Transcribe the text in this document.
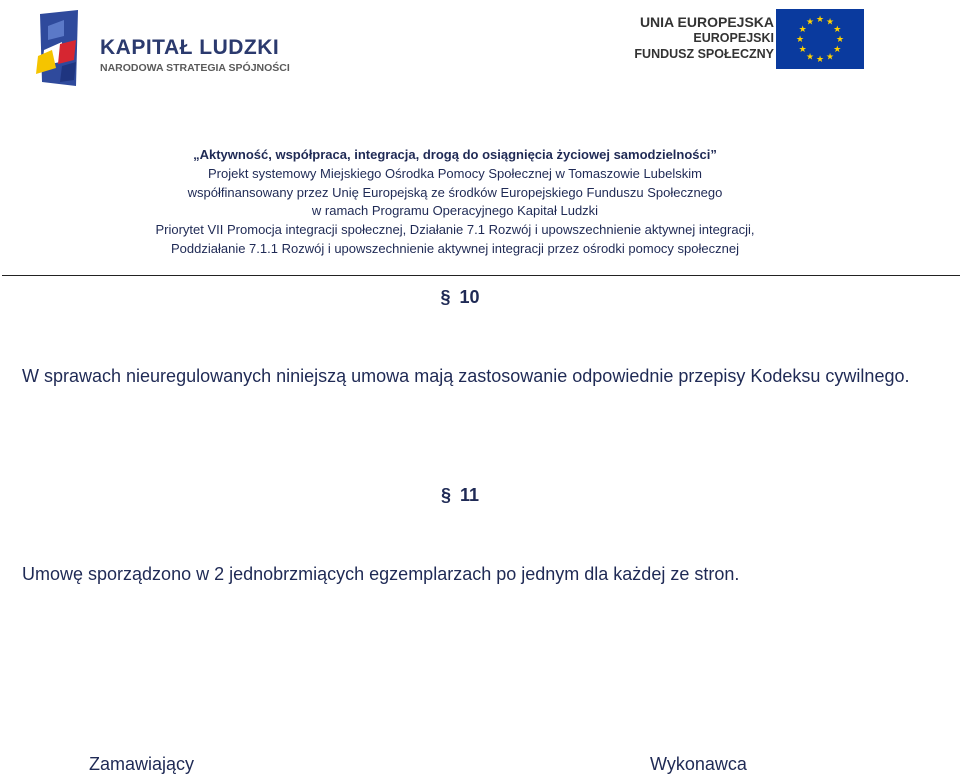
KAPITAŁ LUDZKI
NARODOWA STRATEGIA SPÓJNOŚCI
UNIA EUROPEJSKA
EUROPEJSKI
FUNDUSZ SPOŁECZNY
★ ★
★
★
★
★
★
★
★
★
★
★
„Aktywność, współpraca, integracja, drogą do osiągnięcia życiowej samodzielności”
Projekt systemowy Miejskiego Ośrodka Pomocy Społecznej w Tomaszowie Lubelskim
współfinansowany przez Unię Europejską ze środków Europejskiego Funduszu Społecznego
w ramach Programu Operacyjnego Kapitał Ludzki
Priorytet VII Promocja integracji społecznej, Działanie 7.1 Rozwój i upowszechnienie aktywnej integracji,
Poddziałanie 7.1.1 Rozwój i upowszechnienie aktywnej integracji przez ośrodki pomocy społecznej
§ 10
W sprawach nieuregulowanych niniejszą umowa mają zastosowanie odpowiednie przepisy Kodeksu cywilnego.
§ 11
Umowę sporządzono w 2 jednobrzmiących egzemplarzach po jednym dla każdej ze stron.
Zamawiający	Wykonawca
